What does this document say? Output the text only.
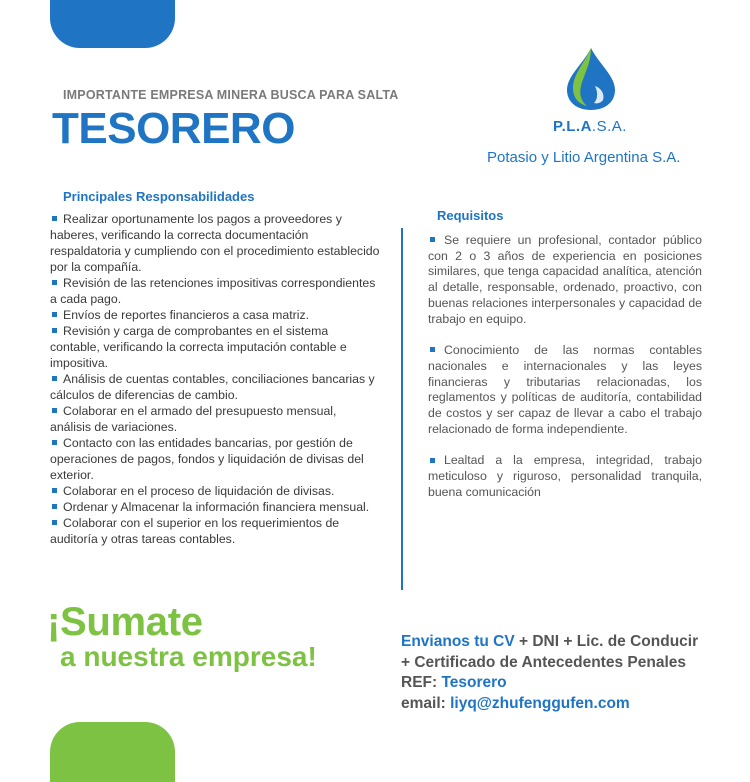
IMPORTANTE EMPRESA MINERA BUSCA PARA SALTA
TESORERO	P.L.A.S.A.
Potasio y Litio Argentina S.A.
Principales Responsabilidades
Realizar oportunamente los pagos a proveedores y haberes, verificando la correcta documentación respaldatoria y cumpliendo con el procedimiento establecido por la compañía.
Revisión de las retenciones impositivas correspondientes a cada pago.
Envíos de reportes financieros a casa matriz.
Revisión y carga de comprobantes en el sistema contable, verificando la correcta imputación contable e impositiva.
Análisis de cuentas contables, conciliaciones bancarias y cálculos de diferencias de cambio.
Colaborar en el armado del presupuesto mensual, análisis de variaciones.
Contacto con las entidades bancarias, por gestión de operaciones de pagos, fondos y liquidación de divisas del exterior.
Colaborar en el proceso de liquidación de divisas.
Ordenar y Almacenar la información financiera mensual.
Colaborar con el superior en los requerimientos de auditoría y otras tareas contables.
Requisitos
Se requiere un profesional, contador público con 2 o 3 años de experiencia en posiciones similares, que tenga capacidad analítica, atención al detalle, responsable, ordenado, proactivo, con buenas relaciones interpersonales y capacidad de trabajo en equipo.
Conocimiento de las normas contables nacionales e internacionales y las leyes financieras y tributarias relacionadas, los reglamentos y políticas de auditoría, contabilidad de costos y ser capaz de llevar a cabo el trabajo relacionado de forma independiente.
Lealtad a la empresa, integridad, trabajo meticuloso y riguroso, personalidad tranquila, buena comunicación
¡Sumate
a nuestra empresa!	Envianos tu CV + DNI + Lic. de Conducir
+ Certificado de Antecedentes Penales
REF: Tesorero
email: liyq@zhufenggufen.com
